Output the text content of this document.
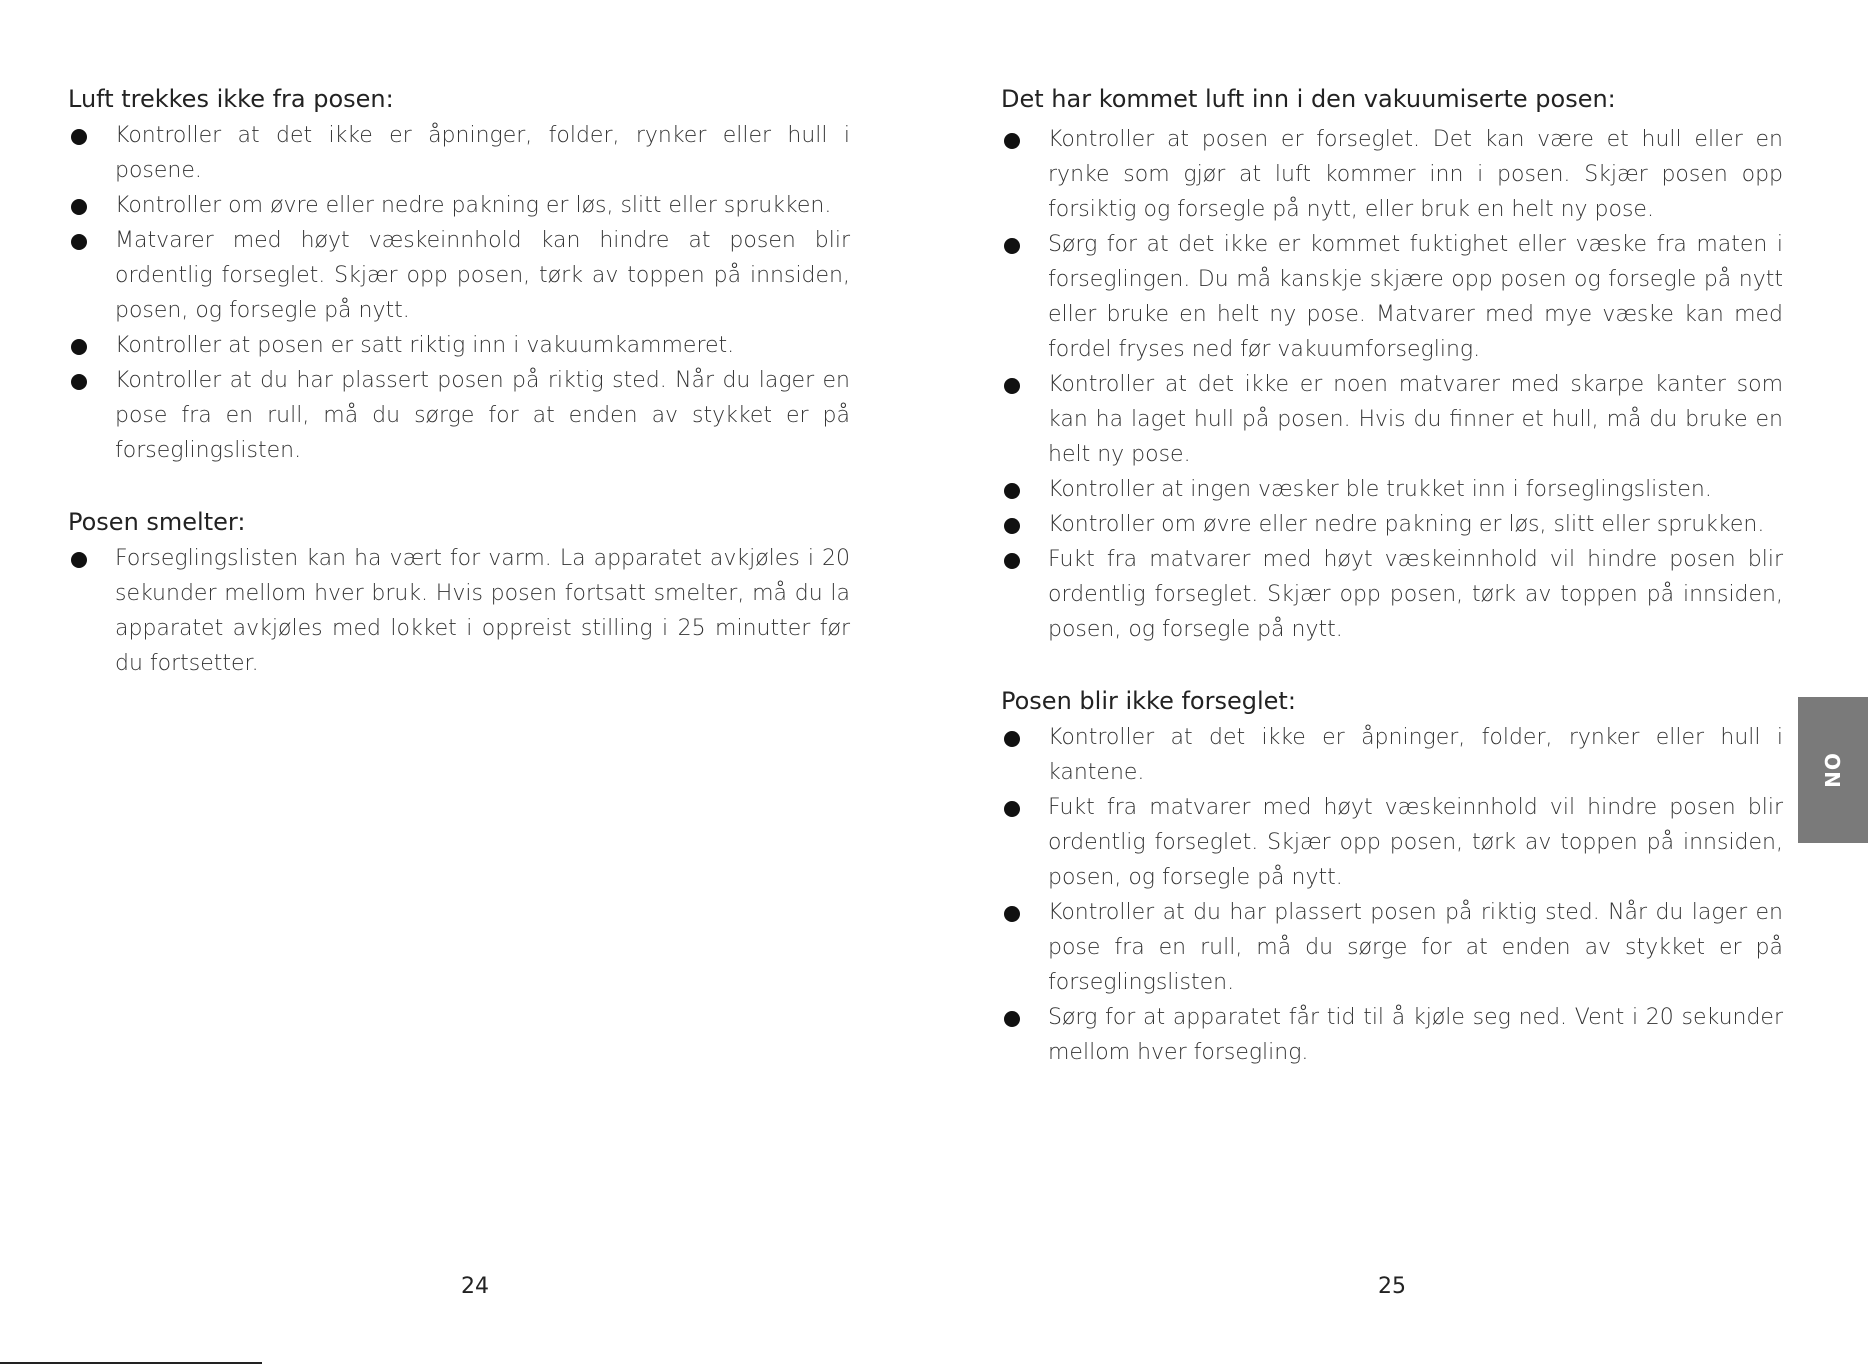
Luft trekkes ikke fra posen:
Kontroller at det ikke er åpninger, folder, rynker eller hull i posene.
Kontroller om øvre eller nedre pakning er løs, slitt eller sprukken.
Matvarer med høyt væskeinnhold kan hindre at posen blir ordentlig forseglet. Skjær opp posen, tørk av toppen på innsiden, posen, og forsegle på nytt.
Kontroller at posen er satt riktig inn i vakuumkammeret.
Kontroller at du har plassert posen på riktig sted. Når du lager en pose fra en rull, må du sørge for at enden av stykket er på forseglingslisten.
Posen smelter:
Forseglingslisten kan ha vært for varm. La apparatet avkjøles i 20 sekunder mellom hver bruk. Hvis posen fortsatt smelter, må du la apparatet avkjøles med lokket i oppreist stilling i 25 minutter før du fortsetter.
Det har kommet luft inn i den vakuumiserte posen:
Kontroller at posen er forseglet. Det kan være et hull eller en rynke som gjør at luft kommer inn i posen. Skjær posen opp forsiktig og forsegle på nytt, eller bruk en helt ny pose.
Sørg for at det ikke er kommet fuktighet eller væske fra maten i forseglingen. Du må kanskje skjære opp posen og forsegle på nytt eller bruke en helt ny pose. Matvarer med mye væske kan med fordel fryses ned før vakuumforsegling.
Kontroller at det ikke er noen matvarer med skarpe kanter som kan ha laget hull på posen. Hvis du finner et hull, må du bruke en helt ny pose.
Kontroller at ingen væsker ble trukket inn i forseglingslisten.
Kontroller om øvre eller nedre pakning er løs, slitt eller sprukken.
Fukt fra matvarer med høyt væskeinnhold vil hindre posen blir ordentlig forseglet. Skjær opp posen, tørk av toppen på innsiden, posen, og forsegle på nytt.
Posen blir ikke forseglet:
Kontroller at det ikke er åpninger, folder, rynker eller hull i kantene.
Fukt fra matvarer med høyt væskeinnhold vil hindre posen blir ordentlig forseglet. Skjær opp posen, tørk av toppen på innsiden, posen, og forsegle på nytt.
Kontroller at du har plassert posen på riktig sted. Når du lager en pose fra en rull, må du sørge for at enden av stykket er på forseglingslisten.
Sørg for at apparatet får tid til å kjøle seg ned. Vent i 20 sekunder mellom hver forsegling.
24	25
NO
